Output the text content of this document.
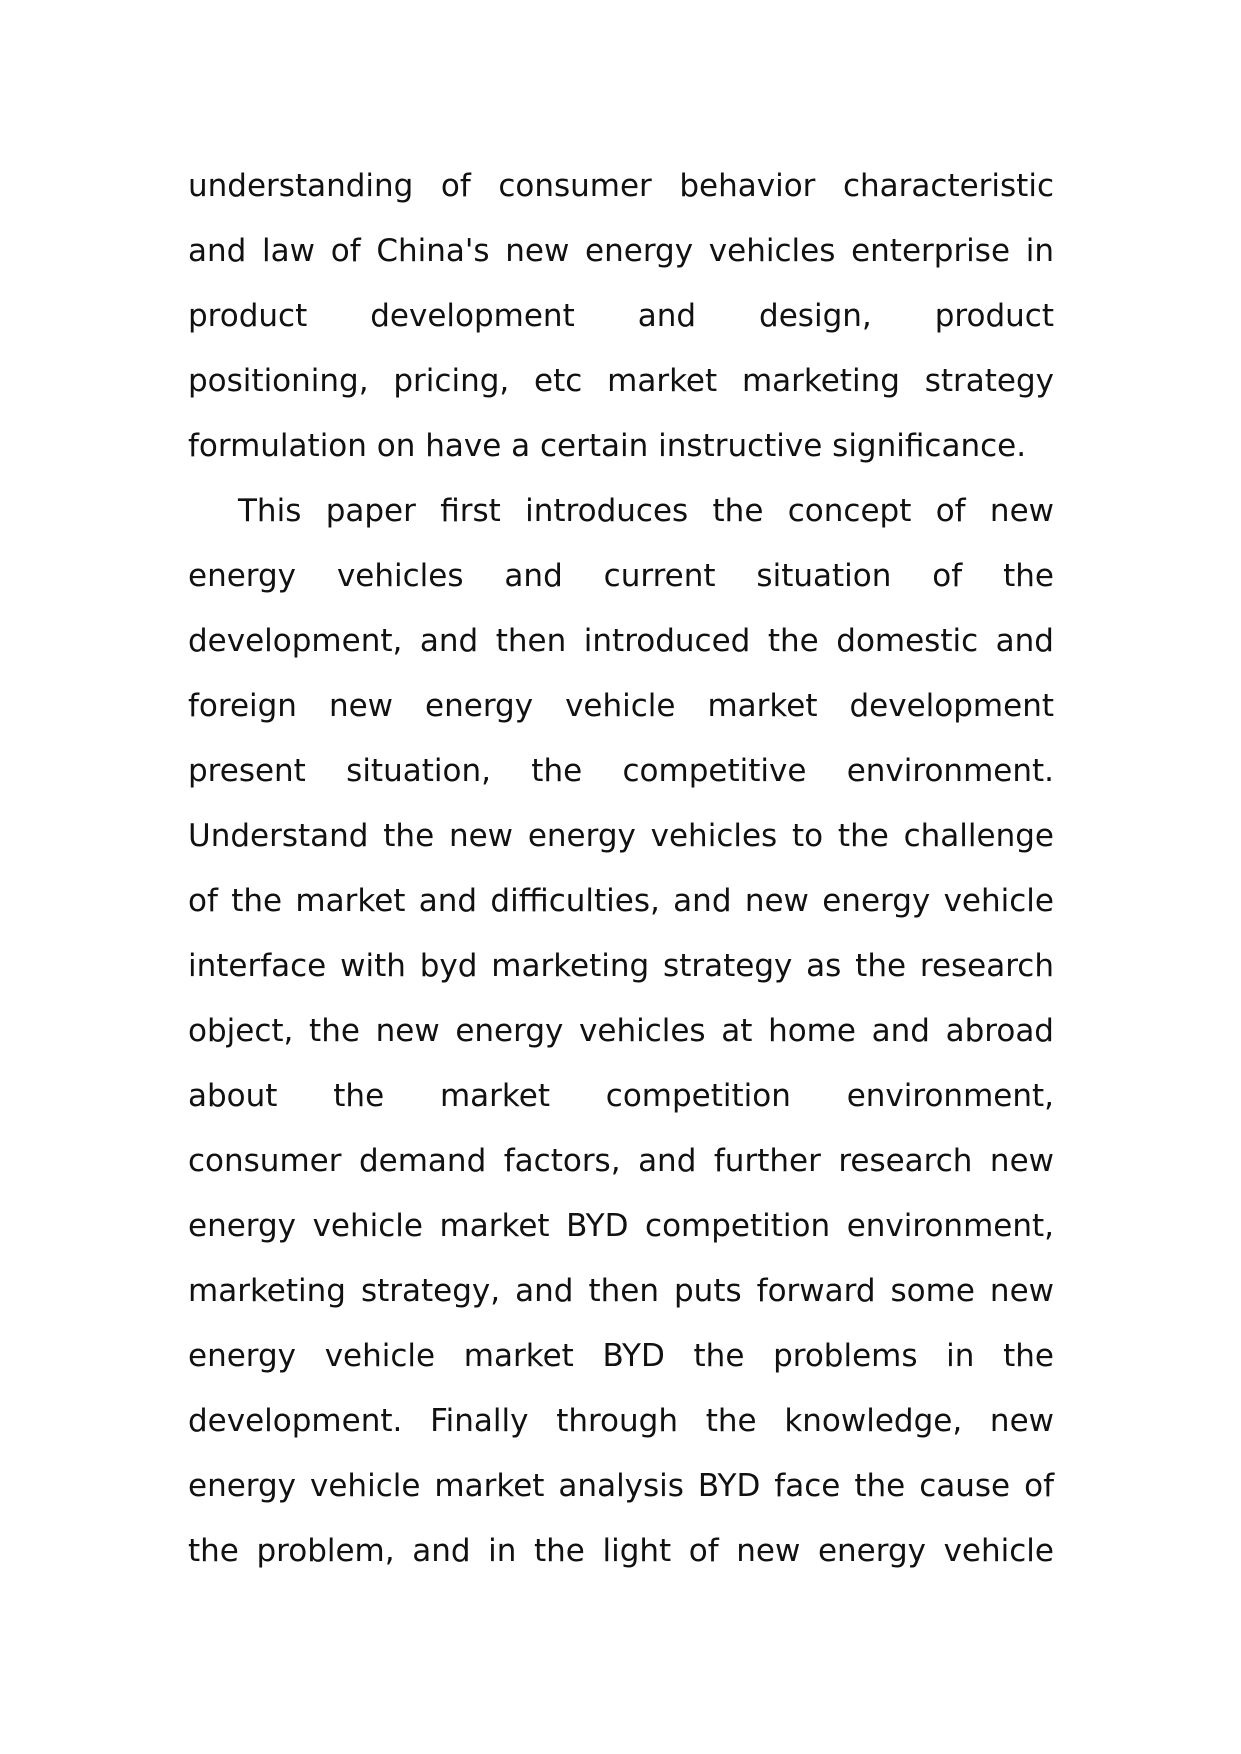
understanding of consumer behavior characteristic
and law of China's new energy vehicles enterprise in
product development and design, product
positioning, pricing, etc market marketing strategy
formulation on have a certain instructive significance.
This paper first introduces the concept of new
energy vehicles and current situation of the
development, and then introduced the domestic and
foreign new energy vehicle market development
present situation, the competitive environment.
Understand the new energy vehicles to the challenge
of the market and difficulties, and new energy vehicle
interface with byd marketing strategy as the research
object, the new energy vehicles at home and abroad
about the market competition environment,
consumer demand factors, and further research new
energy vehicle market BYD competition environment,
marketing strategy, and then puts forward some new
energy vehicle market BYD the problems in the
development. Finally through the knowledge, new
energy vehicle market analysis BYD face the cause of
the problem, and in the light of new energy vehicle
